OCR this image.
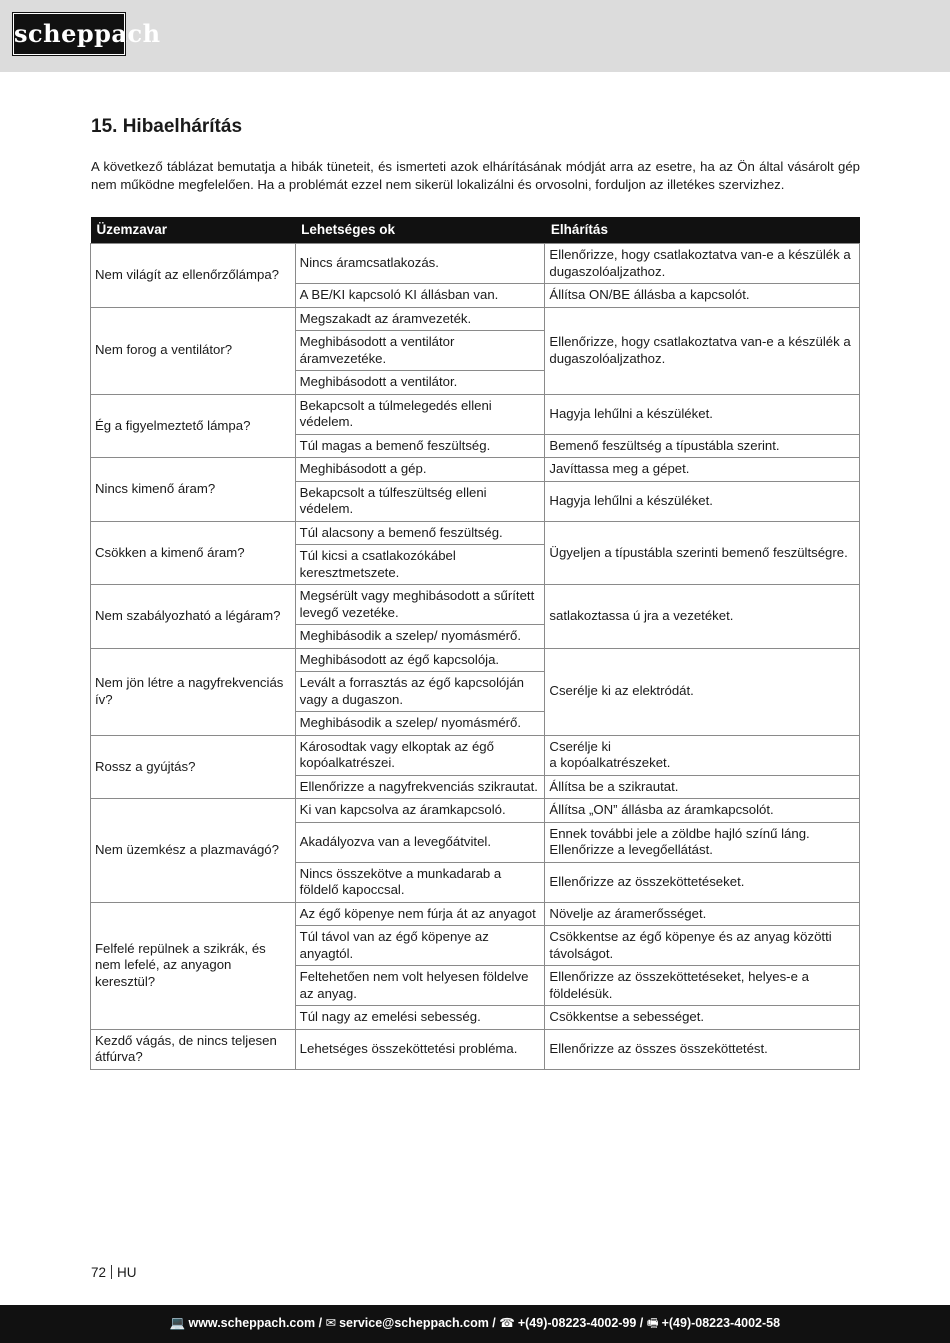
scheppach
15. Hibaelhárítás

A következő táblázat bemutatja a hibák tüneteit, és ismerteti azok elhárításának módját arra az esetre, ha az Ön által vásárolt gép nem működne megfelelően. Ha a problémát ezzel nem sikerül lokalizálni és orvosolni, forduljon az illetékes szervizhez.

Üzemzavar	Lehetséges ok	Elhárítás
Nem világít az ellenőrzőlámpa?	Nincs áramcsatlakozás.	Ellenőrizze, hogy csatlakoztatva van-e a készülék a dugaszolóaljzathoz.
	A BE/KI kapcsoló KI állásban van.	Állítsa ON/BE állásba a kapcsolót.
Nem forog a ventilátor?	Megszakadt az áramvezeték.	Ellenőrizze, hogy csatlakoztatva van-e a készülék a dugaszolóaljzathoz.
	Meghibásodott a ventilátor áramvezetéke.	
	Meghibásodott a ventilátor.	
Ég a figyelmeztető lámpa?	Bekapcsolt a túlmelegedés elleni védelem.	Hagyja lehűlni a készüléket.
	Túl magas a bemenő feszültség.	Bemenő feszültség a típustábla szerint.
Nincs kimenő áram?	Meghibásodott a gép.	Javíttassa meg a gépet.
	Bekapcsolt a túlfeszültség elleni védelem.	Hagyja lehűlni a készüléket.
Csökken a kimenő áram?	Túl alacsony a bemenő feszültség.	Ügyeljen a típustábla szerinti bemenő feszültségre.
	Túl kicsi a csatlakozókábel keresztmetszete.	
Nem szabályozható a légáram?	Megsérült vagy meghibásodott a sűrített levegő vezetéke.	satlakoztassa ú jra a vezetéket.
	Meghibásodik a szelep/ nyomásmérő.	
Nem jön létre a nagyfrekvenciás ív?	Meghibásodott az égő kapcsolója.	Cserélje ki az elektródát.
	Levált a forrasztás az égő kapcsolóján vagy a dugaszon.	
	Meghibásodik a szelep/ nyomásmérő.	
Rossz a gyújtás?	Károsodtak vagy elkoptak az égő kopóalkatrészei.	Cserélje ki
a kopóalkatrészeket.
	Ellenőrizze a nagyfrekvenciás szikrautat.	Állítsa be a szikrautat.
Nem üzemkész a plazmavágó?	Ki van kapcsolva az áramkapcsoló.	Állítsa „ON” állásba az áramkapcsolót.
	Akadályozva van a levegőátvitel.	Ennek további jele a zöldbe hajló színű láng. Ellenőrizze a levegőellátást.
	Nincs összekötve a munkadarab a földelő kapoccsal.	Ellenőrizze az összeköttetéseket.
Felfelé repülnek a szikrák, és nem lefelé, az anyagon keresztül?	Az égő köpenye nem fúrja át az anyagot	Növelje az áramerősséget.
	Túl távol van az égő köpenye az anyagtól.	Csökkentse az égő köpenye és az anyag közötti távolságot.
	Feltehetően nem volt helyesen földelve az anyag.	Ellenőrizze az összeköttetéseket, helyes-e a földelésük.
	Túl nagy az emelési sebesség.	Csökkentse a sebességet.
Kezdő vágás, de nincs teljesen átfúrva?	Lehetséges összeköttetési probléma.	Ellenőrizze az összes összeköttetést.
72 HU
💻 www.scheppach.com / ✉ service@scheppach.com / ☎ +(49)-08223-4002-99 / 🖷 +(49)-08223-4002-58
